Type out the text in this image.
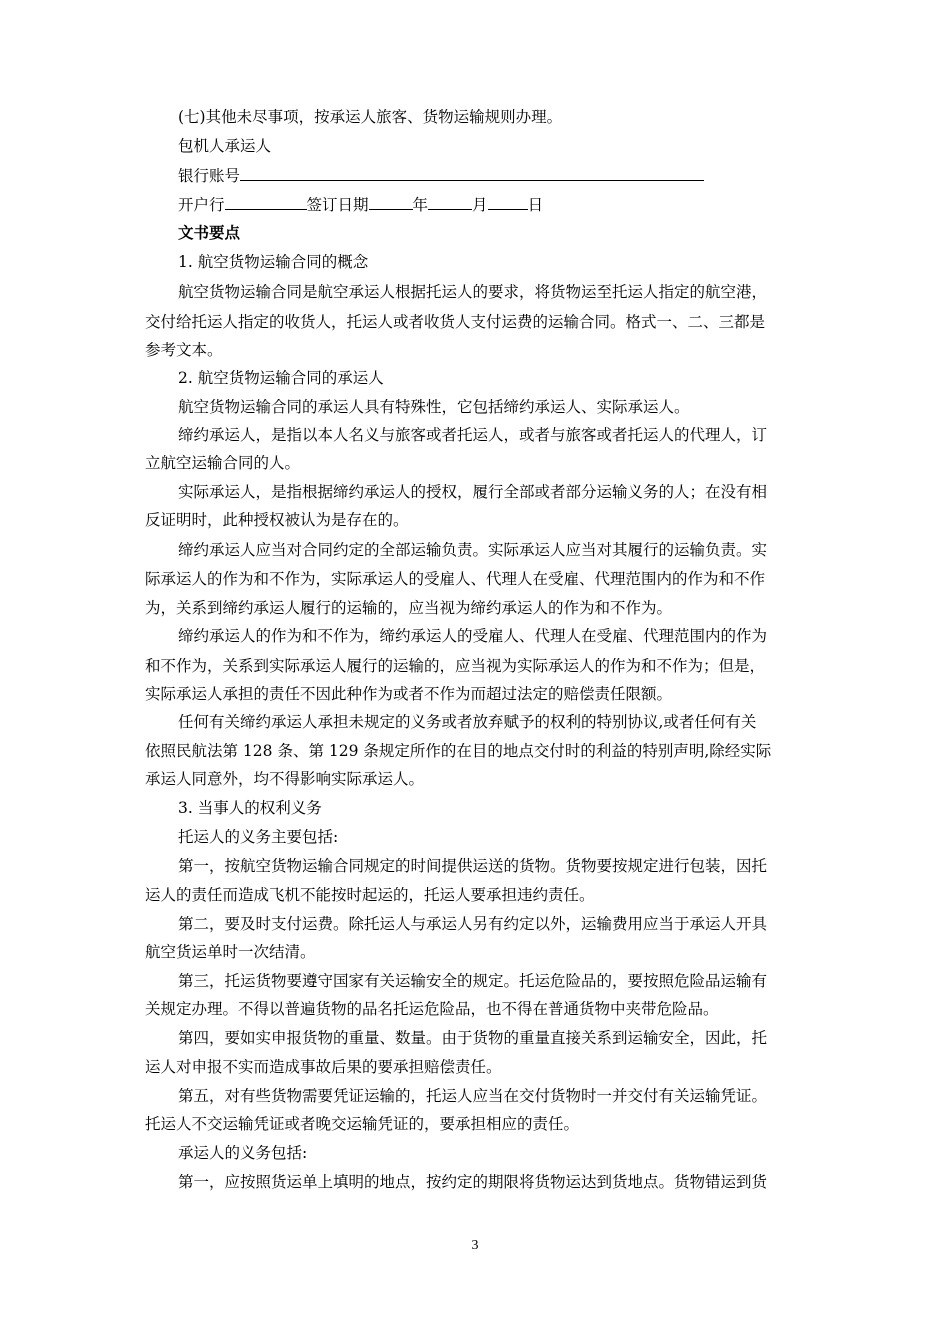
(七)其他未尽事项，按承运人旅客、货物运输规则办理。
包机人承运人
银行账号
开户行	签订日期	年	月	日
文书要点
1. 航空货物运输合同的概念
航空货物运输合同是航空承运人根据托运人的要求，将货物运至托运人指定的航空港，
交付给托运人指定的收货人，托运人或者收货人支付运费的运输合同。格式一、二、三都是
参考文本。
2. 航空货物运输合同的承运人
航空货物运输合同的承运人具有特殊性，它包括缔约承运人、实际承运人。
缔约承运人，是指以本人名义与旅客或者托运人，或者与旅客或者托运人的代理人，订
立航空运输合同的人。
实际承运人，是指根据缔约承运人的授权，履行全部或者部分运输义务的人；在没有相
反证明时，此种授权被认为是存在的。
缔约承运人应当对合同约定的全部运输负责。实际承运人应当对其履行的运输负责。实
际承运人的作为和不作为，实际承运人的受雇人、代理人在受雇、代理范围内的作为和不作
为，关系到缔约承运人履行的运输的，应当视为缔约承运人的作为和不作为。
缔约承运人的作为和不作为，缔约承运人的受雇人、代理人在受雇、代理范围内的作为
和不作为，关系到实际承运人履行的运输的，应当视为实际承运人的作为和不作为；但是，
实际承运人承担的责任不因此种作为或者不作为而超过法定的赔偿责任限额。
任何有关缔约承运人承担未规定的义务或者放弃赋予的权利的特别协议,或者任何有关
依照民航法第 128 条、第 129 条规定所作的在目的地点交付时的利益的特别声明,除经实际
承运人同意外，均不得影响实际承运人。
3. 当事人的权利义务
托运人的义务主要包括:
第一，按航空货物运输合同规定的时间提供运送的货物。货物要按规定进行包装，因托
运人的责任而造成飞机不能按时起运的，托运人要承担违约责任。
第二，要及时支付运费。除托运人与承运人另有约定以外，运输费用应当于承运人开具
航空货运单时一次结清。
第三，托运货物要遵守国家有关运输安全的规定。托运危险品的，要按照危险品运输有
关规定办理。不得以普遍货物的品名托运危险品，也不得在普通货物中夹带危险品。
第四，要如实申报货物的重量、数量。由于货物的重量直接关系到运输安全，因此，托
运人对申报不实而造成事故后果的要承担赔偿责任。
第五，对有些货物需要凭证运输的，托运人应当在交付货物时一并交付有关运输凭证。
托运人不交运输凭证或者晚交运输凭证的，要承担相应的责任。
承运人的义务包括:
第一，应按照货运单上填明的地点，按约定的期限将货物运达到货地点。货物错运到货
3
